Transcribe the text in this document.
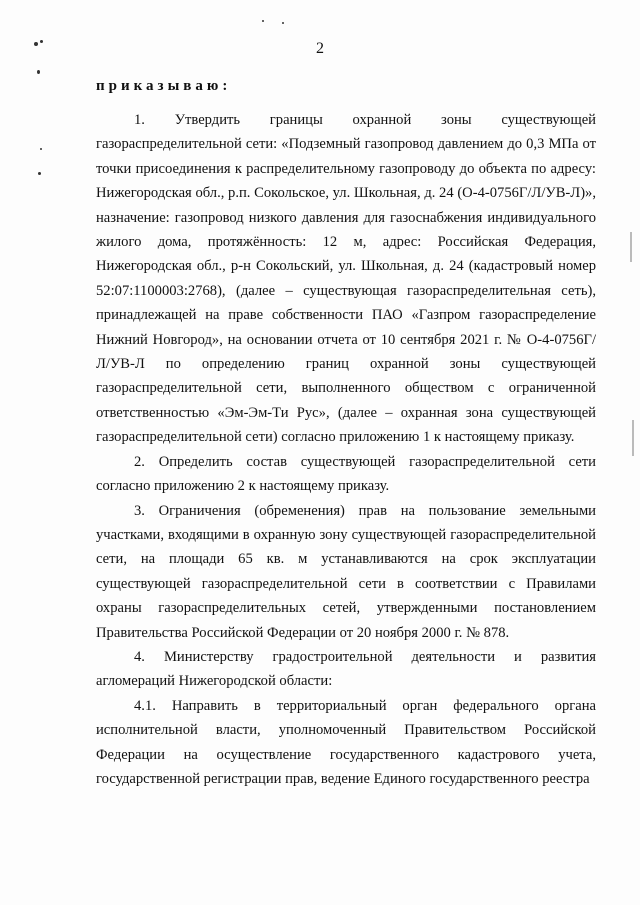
2
приказываю:

1. Утвердить границы охранной зоны существующей газораспределительной сети: «Подземный газопровод давлением до 0,3 МПа от точки присоединения к распределительному газопроводу до объекта по адресу: Нижегородская обл., р.п. Сокольское, ул. Школьная, д. 24 (О-4-0756Г/Л/УВ-Л)», назначение: газопровод низкого давления для газоснабжения индивидуального жилого дома, протяжённость: 12 м, адрес: Российская Федерация, Нижегородская обл., р-н Сокольский, ул. Школьная, д. 24 (кадастровый номер 52:07:1100003:2768), (далее – существующая газораспределительная сеть), принадлежащей на праве собственности ПАО «Газпром газораспределение Нижний Новгород», на основании отчета от 10 сентября 2021 г. № О-4-0756Г/Л/УВ-Л по определению границ охранной зоны существующей газораспределительной сети, выполненного обществом с ограниченной ответственностью «Эм-Эм-Ти Рус», (далее – охранная зона существующей газораспределительной сети) согласно приложению 1 к настоящему приказу.

2. Определить состав существующей газораспределительной сети согласно приложению 2 к настоящему приказу.

3. Ограничения (обременения) прав на пользование земельными участками, входящими в охранную зону существующей газораспределительной сети, на площади 65 кв. м устанавливаются на срок эксплуатации существующей газораспределительной сети в соответствии с Правилами охраны газораспределительных сетей, утвержденными постановлением Правительства Российской Федерации от 20 ноября 2000 г. № 878.

4. Министерству градостроительной деятельности и развития агломераций Нижегородской области:

4.1. Направить в территориальный орган федерального органа исполнительной власти, уполномоченный Правительством Российской Федерации на осуществление государственного кадастрового учета, государственной регистрации прав, ведение Единого государственного реестра
